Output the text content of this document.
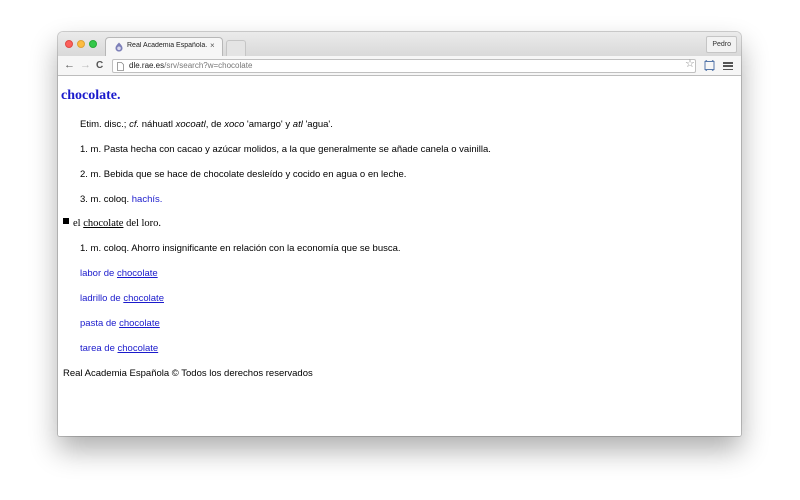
Real Academia Española. ×	Pedro
← → C	dle.rae.es/srv/search?w=chocolate	☆

chocolate.

Etim. disc.; cf. náhuatl xocoatl, de xoco 'amargo' y atl 'agua'.

1. m. Pasta hecha con cacao y azúcar molidos, a la que generalmente se añade canela o vainilla.

2. m. Bebida que se hace de chocolate desleído y cocido en agua o en leche.

3. m. coloq. hachís.

el chocolate del loro.

1. m. coloq. Ahorro insignificante en relación con la economía que se busca.

labor de chocolate

ladrillo de chocolate

pasta de chocolate

tarea de chocolate

Real Academia Española © Todos los derechos reservados
